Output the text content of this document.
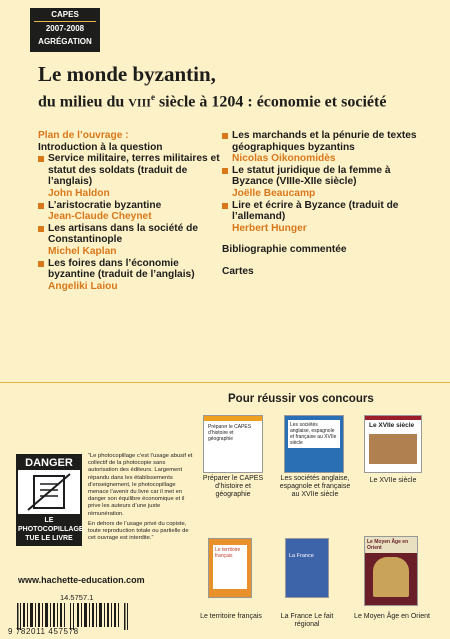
CAPES
2007-2008
AGRÉGATION
Le monde byzantin,
du milieu du VIIIe siècle à 1204 : économie et société
Plan de l’ouvrage :
Introduction à la question
Service militaire, terres militaires et statut des soldats (traduit de l’anglais)
John Haldon
L’aristocratie byzantine
Jean-Claude Cheynet
Les artisans dans la société de Constantinople
Michel Kaplan
Les foires dans l’économie byzantine (traduit de l’anglais)
Angeliki Laiou
Les marchands et la pénurie de textes géographiques byzantins
Nicolas Oikonomidès
Le statut juridique de la femme à Byzance (VIIIe-XIIe siècle)
Joëlle Beaucamp
Lire et écrire à Byzance (traduit de l’allemand)
Herbert Hunger
Bibliographie commentée
Cartes
Pour réussir vos concours
Préparer le CAPES d’histoire et géographie
Préparer le CAPES d’histoire et géographie
Les sociétés anglaise, espagnole et française au XVIIe siècle
Les sociétés anglaise, espagnole et française au XVIIe siècle
Le XVIIe siècle
Le XVIIe siècle
Le territoire français
Le territoire français
La France
La France Le fait régional
Le Moyen Âge en Orient
Le Moyen Âge en Orient
DANGER
LE
PHOTOCOPILLAGE
TUE LE LIVRE

“Le photocopillage c’est l’usage abusif et collectif de la photocopie sans autorisation des éditeurs. Largement répandu dans les établissements d’enseignement, le photocopillage menace l’avenir du livre car il met en danger son équilibre économique et il prive les auteurs d’une juste rémunération.

En dehors de l’usage privé du copiste, toute reproduction totale ou partielle de cet ouvrage est interdite.”

www.hachette-education.com
14.5757.1
9 782011 457578
